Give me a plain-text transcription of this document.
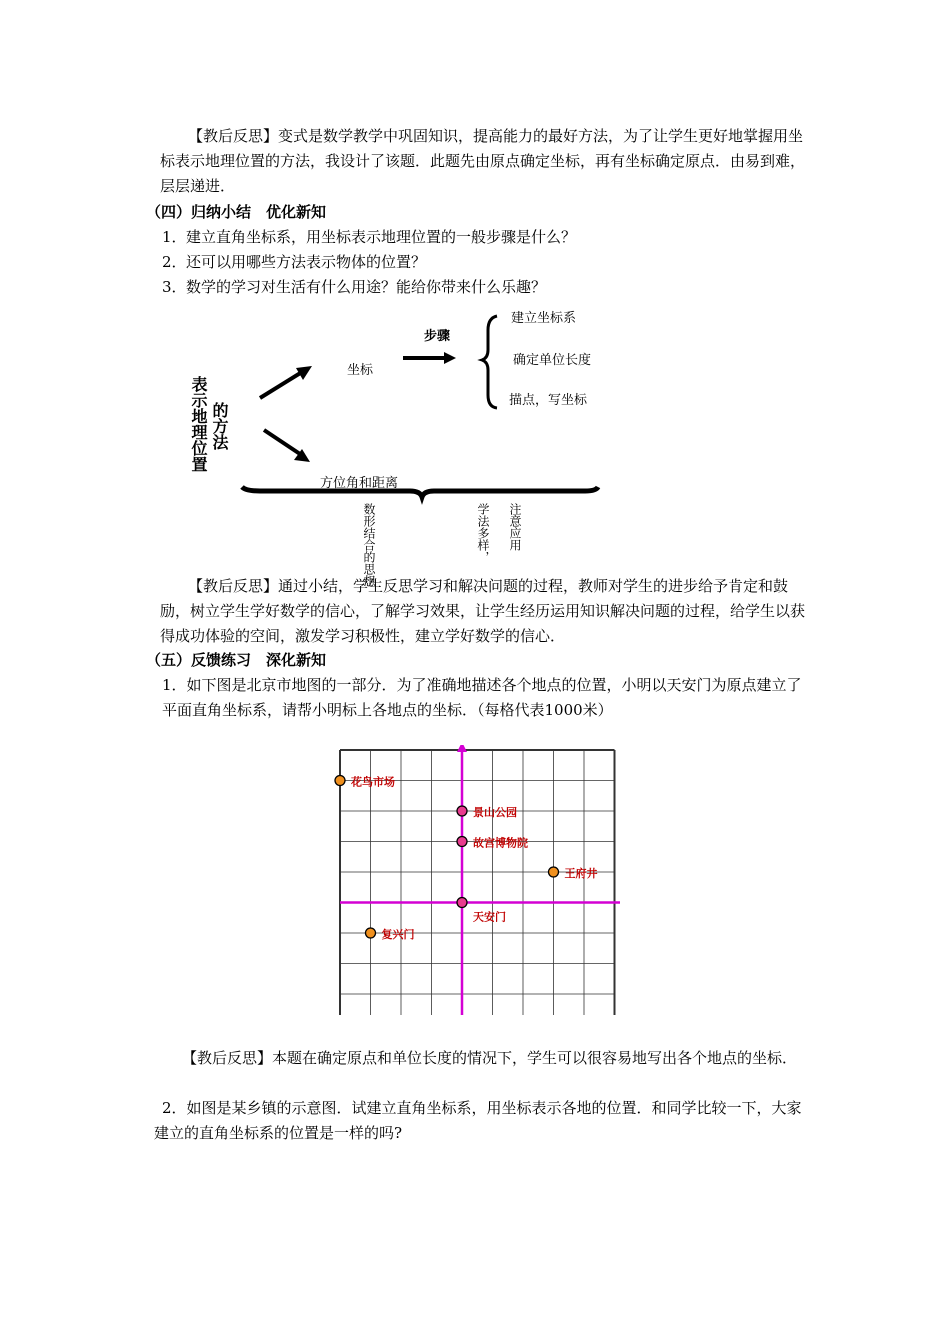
【教后反思】变式是数学教学中巩固知识，提高能力的最好方法，为了让学生更好地掌握用坐标表示地理位置的方法，我设计了该题．此题先由原点确定坐标，再有坐标确定原点．由易到难，层层递进．

（四）归纳小结　优化新知

1．建立直角坐标系，用坐标表示地理位置的一般步骤是什么？

2．还可以用哪些方法表示物体的位置？

3．数学的学习对生活有什么用途？能给你带来什么乐趣？

表示地理位置 的方法
坐标
步骤
建立坐标系
确定单位长度
描点，写坐标
方位角和距离
数形结合的思想	学法多样， 注意应用

【教后反思】通过小结，学生反思学习和解决问题的过程，教师对学生的进步给予肯定和鼓励，树立学生学好数学的信心，了解学习效果，让学生经历运用知识解决问题的过程，给学生以获得成功体验的空间，激发学习积极性，建立学好数学的信心．

（五）反馈练习　深化新知

1．如下图是北京市地图的一部分．为了准确地描述各个地点的位置，小明以天安门为原点建立了平面直角坐标系，请帮小明标上各地点的坐标．（每格代表1000米）

花鸟市场
景山公园
故宫博物院
王府井
天安门
复兴门

【教后反思】本题在确定原点和单位长度的情况下，学生可以很容易地写出各个地点的坐标．

2．如图是某乡镇的示意图．试建立直角坐标系，用坐标表示各地的位置．和同学比较一下，大家建立的直角坐标系的位置是一样的吗?
